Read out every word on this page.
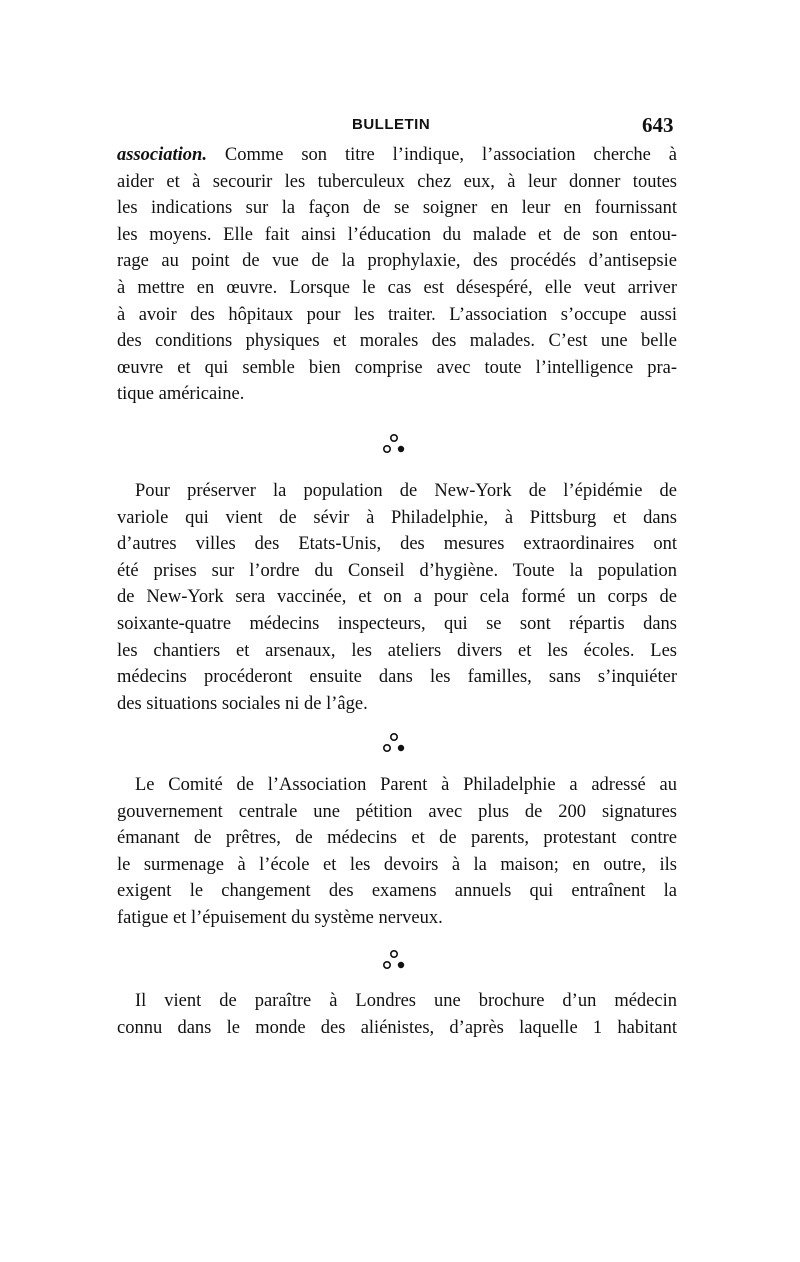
BULLETIN	643
association. Comme son titre l’indique, l’association cherche à
aider et à secourir les tuberculeux chez eux, à leur donner toutes
les indications sur la façon de se soigner en leur en fournissant
les moyens. Elle fait ainsi l’éducation du malade et de son entou-
rage au point de vue de la prophylaxie, des procédés d’antisepsie
à mettre en œuvre. Lorsque le cas est désespéré, elle veut arriver
à avoir des hôpitaux pour les traiter. L’association s’occupe aussi
des conditions physiques et morales des malades. C’est une belle
œuvre et qui semble bien comprise avec toute l’intelligence pra-
tique américaine.
Pour préserver la population de New-York de l’épidémie de
variole qui vient de sévir à Philadelphie, à Pittsburg et dans
d’autres villes des Etats-Unis, des mesures extraordinaires ont
été prises sur l’ordre du Conseil d’hygiène. Toute la population
de New-York sera vaccinée, et on a pour cela formé un corps de
soixante-quatre médecins inspecteurs, qui se sont répartis dans
les chantiers et arsenaux, les ateliers divers et les écoles. Les
médecins procéderont ensuite dans les familles, sans s’inquiéter
des situations sociales ni de l’âge.
Le Comité de l’Association Parent à Philadelphie a adressé au
gouvernement centrale une pétition avec plus de 200 signatures
émanant de prêtres, de médecins et de parents, protestant contre
le surmenage à l’école et les devoirs à la maison; en outre, ils
exigent le changement des examens annuels qui entraînent la
fatigue et l’épuisement du système nerveux.
Il vient de paraître à Londres une brochure d’un médecin
connu dans le monde des aliénistes, d’après laquelle 1 habitant
